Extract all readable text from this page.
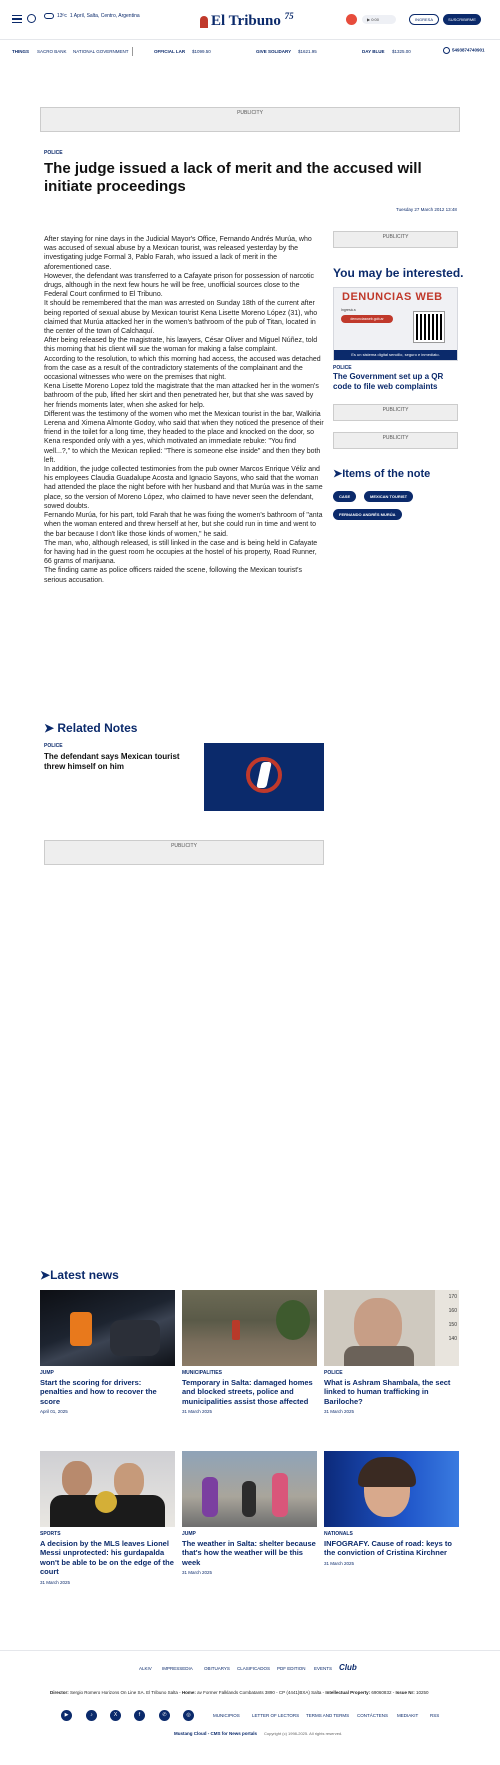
13ºc 1 April, Salta, Centro, Argentina	El Tribuno $^{75}$	▶ 0:00	INGRESA	SUSCRIBIRME
THINGS SACRO BANK NATIONAL GOVERNMENT	OFFICIAL LAR $1099.50	GIVE SOLIDARY $1621.95	DAY BLUE $1325.00	5493874740901
PUBLICITY
POLICE
The judge issued a lack of merit and the accused will initiate proceedings
Tuesday 27 March 2012 13:48

After staying for nine days in the Judicial Mayor's Office, Fernando Andrés Murúa, who was accused of sexual abuse by a Mexican tourist, was released yesterday by the investigating judge Formal 3, Pablo Farah, who issued a lack of merit in the aforementioned case.

However, the defendant was transferred to a Cafayate prison for possession of narcotic drugs, although in the next few hours he will be free, unofficial sources close to the Federal Court confirmed to El Tribuno.

It should be remembered that the man was arrested on Sunday 18th of the current after being reported of sexual abuse by Mexican tourist Kena Lisette Moreno López (31), who claimed that Murúa attacked her in the women's bathroom of the pub of Titan, located in the center of the town of Calchaquí.

After being released by the magistrate, his lawyers, César Oliver and Miguel Núñez, told this morning that his client will sue the woman for making a false complaint.

According to the resolution, to which this morning had access, the accused was detached from the case as a result of the contradictory statements of the complainant and the occasional witnesses who were on the premises that night.

Kena Lisette Moreno Lopez told the magistrate that the man attacked her in the women's bathroom of the pub, lifted her skirt and then penetrated her, but that she was saved by her friends moments later, when she asked for help.

Different was the testimony of the women who met the Mexican tourist in the bar, Walkiria Lerena and Ximena Almonte Godoy, who said that when they noticed the presence of their friend in the toilet for a long time, they headed to the place and knocked on the door, so Kena responded only with a yes, which motivated an immediate rebuke: "You find well...?," to which the Mexican replied: "There is someone else inside" and then they both left.

In addition, the judge collected testimonies from the pub owner Marcos Enrique Véliz and his employees Claudia Guadalupe Acosta and Ignacio Sayons, who said that the woman had attended the place the night before with her husband and that Murúa was in the same place, so the version of Moreno López, who claimed to have never seen the defendant, sowed doubts.

Fernando Murúa, for his part, told Farah that he was fixing the women's bathroom of "anta when the woman entered and threw herself at her, but she could run in time and went to the bar because I don't like those kinds of women," he said.

The man, who, although released, is still linked in the case and is being held in Cafayate for having had in the guest room he occupies at the hostel of his property, Road Runner, 66 grams of marijuana.

The finding came as police officers raided the scene, following the Mexican tourist's serious accusation.

PUBLICITY
You may be interested.
DENUNCIAS WEB
Ingresá a
denunciasweb.gob.ar
Es un sistema digital sencillo, seguro e inmediato.
POLICE
The Government set up a QR code to file web complaints
PUBLICITY
PUBLICITY
➤Items of the note
CASE	MEXICAN TOURIST
FERNANDO ANDRÉS MURÚA
➤ Related Notes
POLICE
The defendant says Mexican tourist threw himself on him
PUBLICITY
➤Latest news
JUMP
Start the scoring for drivers: penalties and how to recover the score
April 01, 2025
MUNICIPALITIES
Temporary in Salta: damaged homes and blocked streets, police and municipalities assist those affected
31 March 2025
170
160
150
140
POLICE
What is Ashram Shambala, the sect linked to human trafficking in Bariloche?
31 March 2025
SPORTS
A decision by the MLS leaves Lionel Messi unprotected: his gurdapalda won't be able to be on the edge of the court
31 March 2025
JUMP
The weather in Salta: shelter because that's how the weather will be this week
31 March 2025
NATIONALS
INFOGRAFY. Cause of road: keys to the conviction of Cristina Kirchner
31 March 2025
ALKIV IMPRESSEDIA OBITUARYS CLASIFICADOS PDF EDITION EVENTS Club
Director: Sergio Romero Horizons On Line SA. El Tribuno Salta - Home: av Former Falklands Combatants 3890 - CP (4441)BXA) Salta - Intellectual Property: 69060832 - Issue Nr: 10250
▶	♪	X	f	✆	◎	MUNICIPIOS	LETTER OF LECTORS TERMS AND TERMS CONTÁCTENS MEDIAKIT	RSS
Mustang Cloud - CMS for News portals Copyright (c) 1998-2025. All rights reserved.
